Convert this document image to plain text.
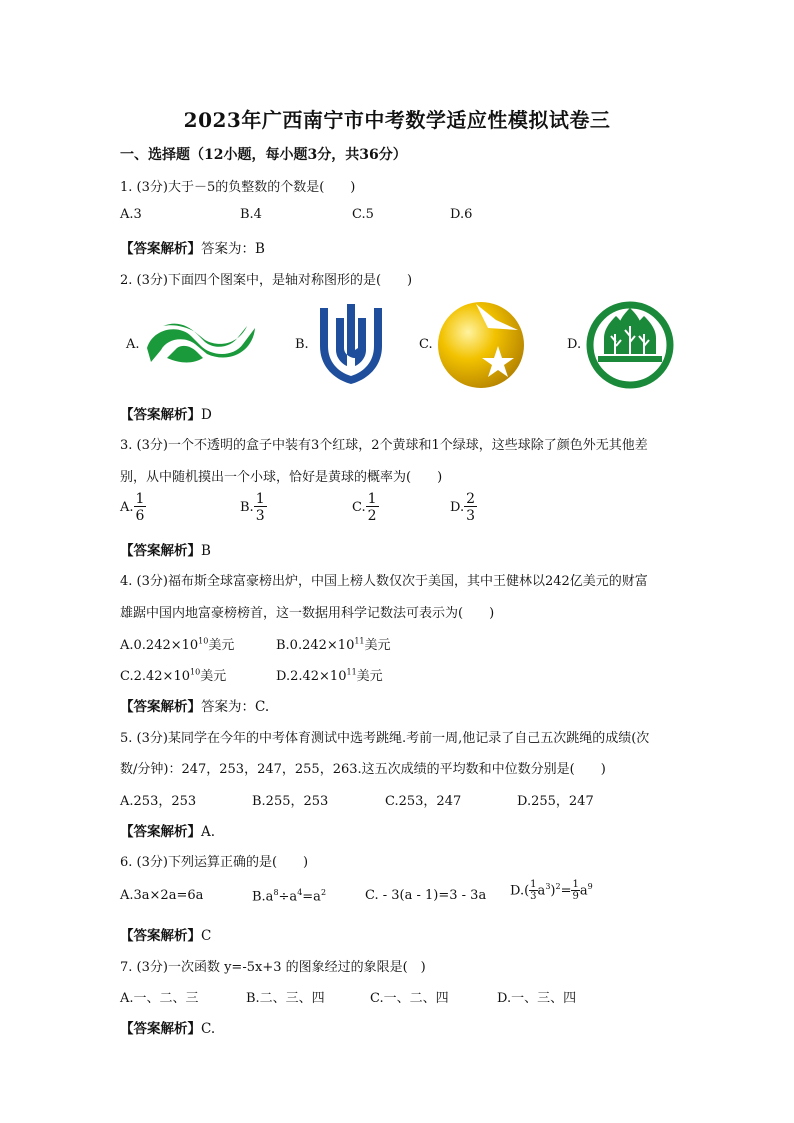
2023年广西南宁市中考数学适应性模拟试卷三
一、选择题（12小题，每小题3分，共36分）
1. (3分)大于－5的负整数的个数是(　　)
A.3	B.4	C.5	D.6
【答案解析】答案为：B
2. (3分)下面四个图案中，是轴对称图形的是(　　)
A.	B.	C.	D.
【答案解析】D
3. (3分)一个不透明的盒子中装有3个红球，2个黄球和1个绿球，这些球除了颜色外无其他差
别，从中随机摸出一个小球，恰好是黄球的概率为(　　)
A. $\frac{1}{6}$	B. $\frac{1}{3}$	C. $\frac{1}{2}$	D. $\frac{2}{3}$
【答案解析】B
4. (3分)福布斯全球富豪榜出炉，中国上榜人数仅次于美国，其中王健林以242亿美元的财富
雄踞中国内地富豪榜榜首，这一数据用科学记数法可表示为(　　)
$A.0.242\times 10^{10}$美元	$B.0.242\times 10^{11}$美元
$C.2.42\times 10^{10}$美元	$D.2.42\times 10^{11}$美元
【答案解析】答案为：C.
5. (3分)某同学在今年的中考体育测试中选考跳绳.考前一周,他记录了自己五次跳绳的成绩(次
数/分钟)：247，253，247，255，263.这五次成绩的平均数和中位数分别是(　　)
A.253，253	B.255，253	C.253，247	D.255，247
【答案解析】A.
6. (3分)下列运算正确的是(　　)
A.3a×2a=6a	$B.a^8\div a^4=a^2$	C. - 3(a - 1)=3 - 3a $D.( \frac{1}{3} a^3)^2= \frac{1}{9} a^9$
【答案解析】C
7. (3分)一次函数 y=-5x+3 的图象经过的象限是(　)
A.一、二、三	B.二、三、四	C.一、二、四	D.一、三、四
【答案解析】C.
